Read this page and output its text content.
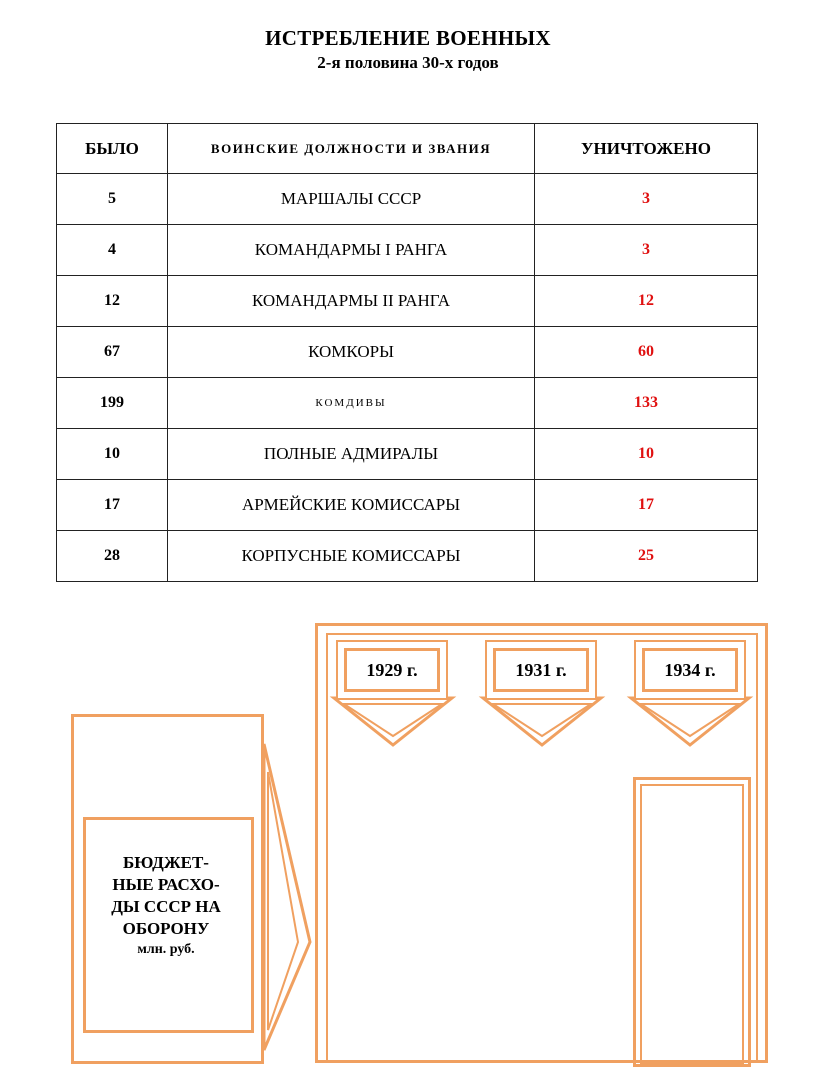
ИСТРЕБЛЕНИЕ ВОЕННЫХ
2-я половина 30-х годов
БЫЛО	ВОИНСКИЕ ДОЛЖНОСТИ И ЗВАНИЯ	УНИЧТОЖЕНО
5	МАРШАЛЫ СССР	3
4	КОМАНДАРМЫ I РАНГА	3
12	КОМАНДАРМЫ II РАНГА	12
67	КОМКОРЫ	60
199	КОМДИВЫ	133
10	ПОЛНЫЕ АДМИРАЛЫ	10
17	АРМЕЙСКИЕ КОМИССАРЫ	17
28	КОРПУСНЫЕ КОМИССАРЫ	25
1929 г.	1931 г.	1934 г.
БЮДЖЕТ-
НЫЕ РАСХО-
ДЫ СССР НА
ОБОРОНУ
млн. руб.
